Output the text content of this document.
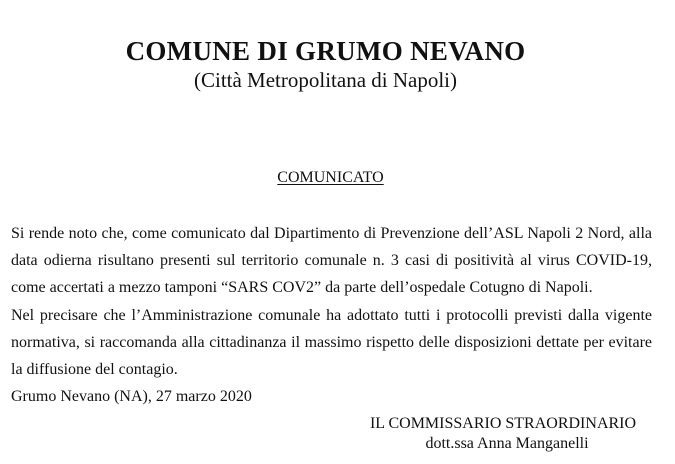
COMUNE DI GRUMO NEVANO
(Città Metropolitana di Napoli)
COMUNICATO
Si rende noto che, come comunicato dal Dipartimento di Prevenzione dell’ASL Napoli 2 Nord, alla
data odierna risultano presenti sul territorio comunale n. 3 casi di positività al virus COVID-19,
come accertati a mezzo tamponi “SARS COV2” da parte dell’ospedale Cotugno di Napoli.
Nel precisare che l’Amministrazione comunale ha adottato tutti i protocolli previsti dalla vigente
normativa, si raccomanda alla cittadinanza il massimo rispetto delle disposizioni dettate per evitare
la diffusione del contagio.
Grumo Nevano (NA), 27 marzo 2020
IL COMMISSARIO STRAORDINARIO
dott.ssa Anna Manganelli
